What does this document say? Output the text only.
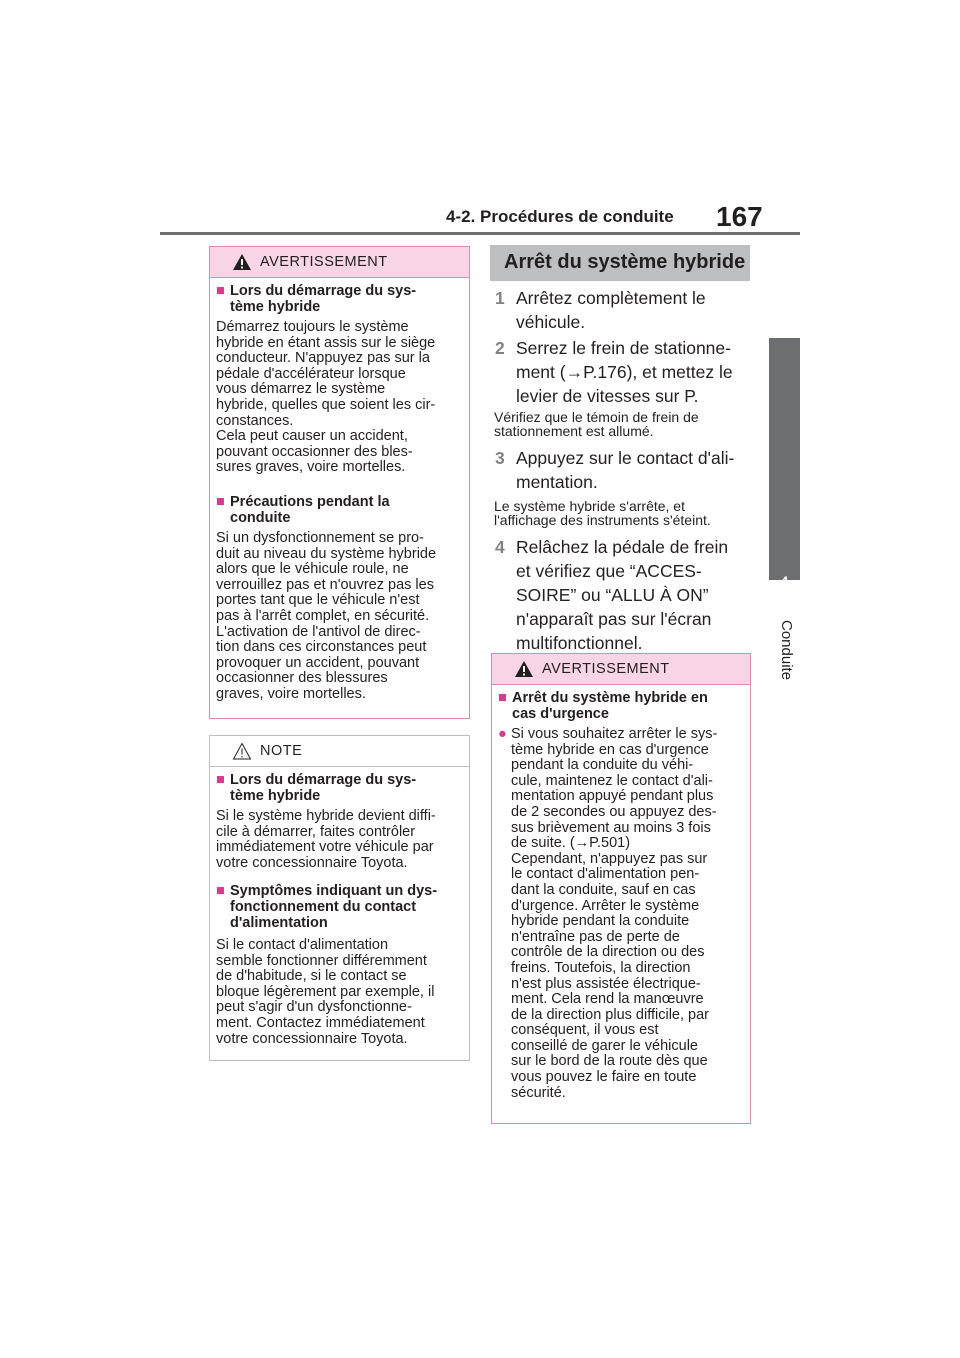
4-2. Procédures de conduite 167
4
Conduite
AVERTISSEMENT
■ Lors du démarrage du sys-
tème hybride
Démarrez toujours le système
hybride en étant assis sur le siège
conducteur. N'appuyez pas sur la
pédale d'accélérateur lorsque
vous démarrez le système
hybride, quelles que soient les cir-
constances.
Cela peut causer un accident,
pouvant occasionner des bles-
sures graves, voire mortelles.
■ Précautions pendant la
conduite
Si un dysfonctionnement se pro-
duit au niveau du système hybride
alors que le véhicule roule, ne
verrouillez pas et n'ouvrez pas les
portes tant que le véhicule n'est
pas à l'arrêt complet, en sécurité.
L'activation de l'antivol de direc-
tion dans ces circonstances peut
provoquer un accident, pouvant
occasionner des blessures
graves, voire mortelles.
NOTE
■ Lors du démarrage du sys-
tème hybride
Si le système hybride devient diffi-
cile à démarrer, faites contrôler
immédiatement votre véhicule par
votre concessionnaire Toyota.
■ Symptômes indiquant un dys-
fonctionnement du contact
d'alimentation
Si le contact d'alimentation
semble fonctionner différemment
de d'habitude, si le contact se
bloque légèrement par exemple, il
peut s'agir d'un dysfonctionne-
ment. Contactez immédiatement
votre concessionnaire Toyota.
Arrêt du système hybride
1 Arrêtez complètement le
véhicule.
2 Serrez le frein de stationne-
ment (→P.176), et mettez le
levier de vitesses sur P.
Vérifiez que le témoin de frein de
stationnement est allumé.
3 Appuyez sur le contact d'ali-
mentation.
Le système hybride s'arrête, et
l'affichage des instruments s'éteint.
4 Relâchez la pédale de frein
et vérifiez que “ACCES-
SOIRE” ou “ALLU À ON”
n'apparaît pas sur l'écran
multifonctionnel.
AVERTISSEMENT
■ Arrêt du système hybride en
cas d'urgence
● Si vous souhaitez arrêter le sys-
tème hybride en cas d'urgence
pendant la conduite du véhi-
cule, maintenez le contact d'ali-
mentation appuyé pendant plus
de 2 secondes ou appuyez des-
sus brièvement au moins 3 fois
de suite. (→P.501)
Cependant, n'appuyez pas sur
le contact d'alimentation pen-
dant la conduite, sauf en cas
d'urgence. Arrêter le système
hybride pendant la conduite
n'entraîne pas de perte de
contrôle de la direction ou des
freins. Toutefois, la direction
n'est plus assistée électrique-
ment. Cela rend la manœuvre
de la direction plus difficile, par
conséquent, il vous est
conseillé de garer le véhicule
sur le bord de la route dès que
vous pouvez le faire en toute
sécurité.
